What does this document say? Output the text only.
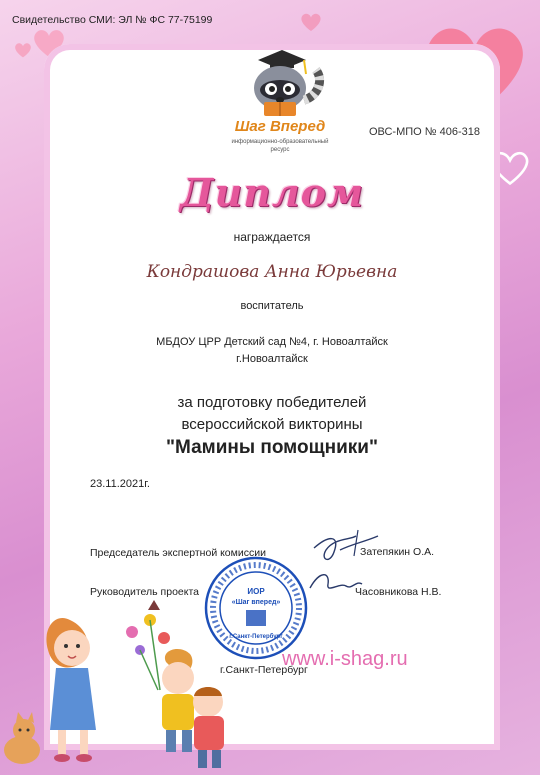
Свидетельство СМИ: ЭЛ № ФС 77-75199
Шаг Вперед
информационно-образовательный
ресурс
ОВС-МПО № 406-318
Диплом
награждается
Кондрашова Анна Юрьевна
воспитатель
МБДОУ ЦРР Детский сад №4, г. Новоалтайск
г.Новоалтайск
за подготовку победителей
всероссийской викторины
"Мамины помощники"
23.11.2021г.
Председатель экспертной комиссии	Затепякин О.А.
Руководитель проекта	Часовникова Н.В.
ИОР
«Шаг вперед»
г.Санкт-Петербург
г.Санкт-Петербург
www.i-shag.ru
